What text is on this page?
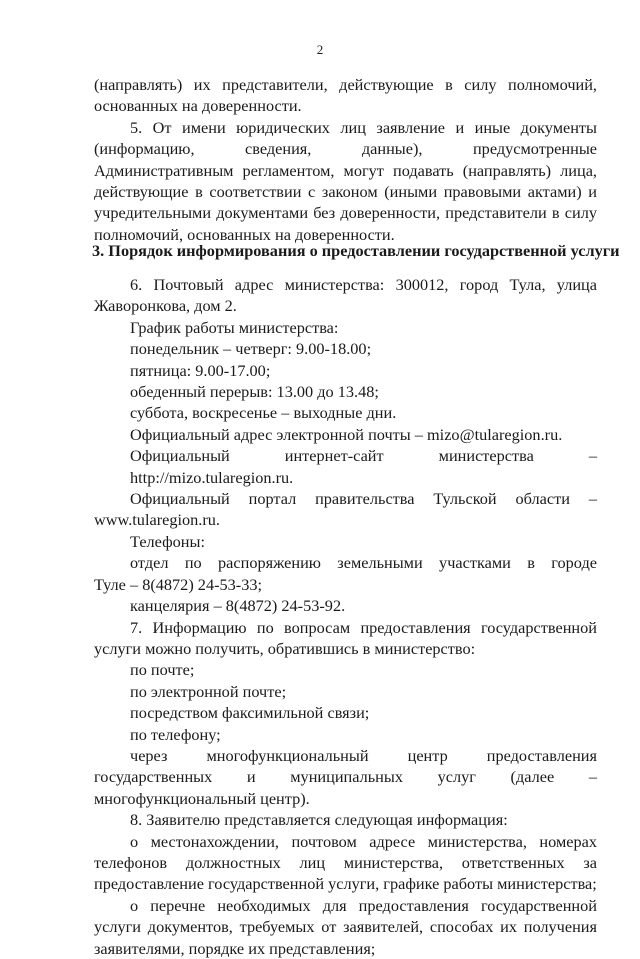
2

(направлять) их представители, действующие в силу полномочий, основанных на доверенности.

5. От имени юридических лиц заявление и иные документы (информацию, сведения, данные), предусмотренные Административным регламентом, могут подавать (направлять) лица, действующие в соответствии с законом (иными правовыми актами) и учредительными документами без доверенности, представители в силу полномочий, основанных на доверенности.

3. Порядок информирования о предоставлении государственной услуги

6. Почтовый адрес министерства: 300012, город Тула, улица Жаворонкова, дом 2.

График работы министерства:

понедельник – четверг: 9.00-18.00;

пятница: 9.00-17.00;

обеденный перерыв: 13.00 до 13.48;

суббота, воскресенье – выходные дни.

Официальный адрес электронной почты – mizo@tularegion.ru.

Официальный интернет-сайт министерства – http://mizo.tularegion.ru.

Официальный портал правительства Тульской области –

www.tularegion.ru.

Телефоны:

отдел по распоряжению земельными участками в городе

Туле – 8(4872) 24-53-33;

канцелярия – 8(4872) 24-53-92.

7. Информацию по вопросам предоставления государственной услуги можно получить, обратившись в министерство:

по почте;

по электронной почте;

посредством факсимильной связи;

по телефону;

через многофункциональный центр предоставления государственных и муниципальных услуг (далее – многофункциональный центр).

8. Заявителю представляется следующая информация:

о местонахождении, почтовом адресе министерства, номерах телефонов должностных лиц министерства, ответственных за предоставление государственной услуги, графике работы министерства;

о перечне необходимых для предоставления государственной услуги документов, требуемых от заявителей, способах их получения заявителями, порядке их представления;
